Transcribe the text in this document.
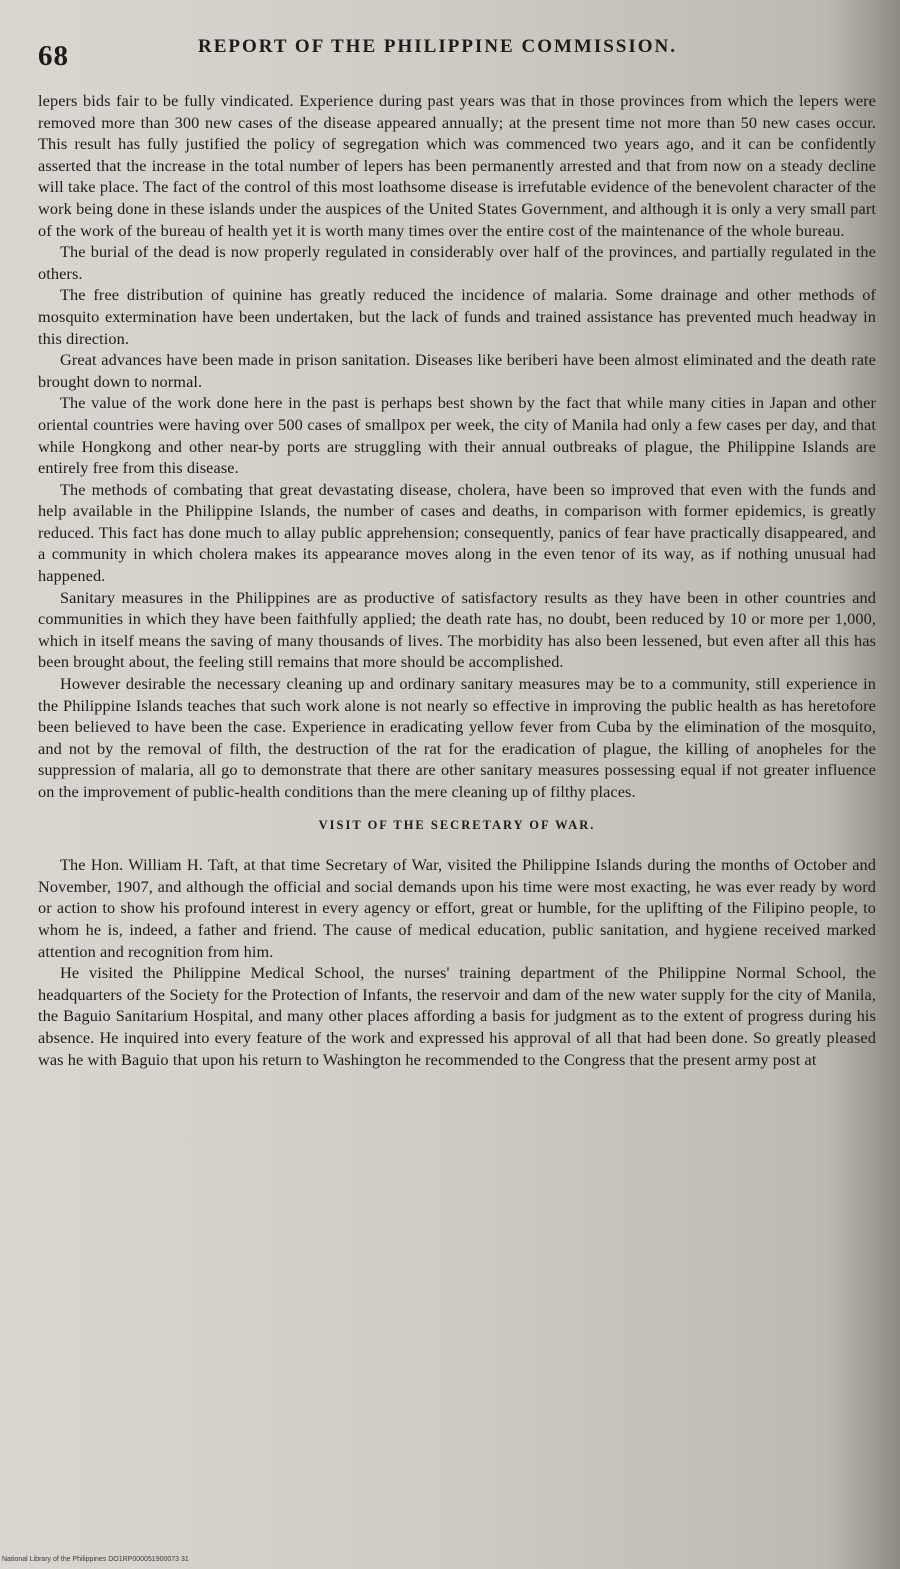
68	REPORT OF THE PHILIPPINE COMMISSION.

lepers bids fair to be fully vindicated. Experience during past years was that in those provinces from which the lepers were removed more than 300 new cases of the disease appeared annually; at the present time not more than 50 new cases occur. This result has fully justified the policy of segregation which was commenced two years ago, and it can be confidently asserted that the increase in the total number of lepers has been permanently arrested and that from now on a steady decline will take place. The fact of the control of this most loathsome disease is irrefutable evidence of the benevolent character of the work being done in these islands under the auspices of the United States Government, and although it is only a very small part of the work of the bureau of health yet it is worth many times over the entire cost of the maintenance of the whole bureau.

The burial of the dead is now properly regulated in considerably over half of the provinces, and partially regulated in the others.

The free distribution of quinine has greatly reduced the incidence of malaria. Some drainage and other methods of mosquito extermination have been undertaken, but the lack of funds and trained assistance has prevented much headway in this direction.

Great advances have been made in prison sanitation. Diseases like beriberi have been almost eliminated and the death rate brought down to normal.

The value of the work done here in the past is perhaps best shown by the fact that while many cities in Japan and other oriental countries were having over 500 cases of smallpox per week, the city of Manila had only a few cases per day, and that while Hongkong and other near-by ports are struggling with their annual outbreaks of plague, the Philippine Islands are entirely free from this disease.

The methods of combating that great devastating disease, cholera, have been so improved that even with the funds and help available in the Philippine Islands, the number of cases and deaths, in comparison with former epidemics, is greatly reduced. This fact has done much to allay public apprehension; consequently, panics of fear have practically disappeared, and a community in which cholera makes its appearance moves along in the even tenor of its way, as if nothing unusual had happened.

Sanitary measures in the Philippines are as productive of satisfactory results as they have been in other countries and communities in which they have been faithfully applied; the death rate has, no doubt, been reduced by 10 or more per 1,000, which in itself means the saving of many thousands of lives. The morbidity has also been lessened, but even after all this has been brought about, the feeling still remains that more should be accomplished.

However desirable the necessary cleaning up and ordinary sanitary measures may be to a community, still experience in the Philippine Islands teaches that such work alone is not nearly so effective in improving the public health as has heretofore been believed to have been the case. Experience in eradicating yellow fever from Cuba by the elimination of the mosquito, and not by the removal of filth, the destruction of the rat for the eradication of plague, the killing of anopheles for the suppression of malaria, all go to demonstrate that there are other sanitary measures possessing equal if not greater influence on the improvement of public-health conditions than the mere cleaning up of filthy places.

VISIT OF THE SECRETARY OF WAR.

The Hon. William H. Taft, at that time Secretary of War, visited the Philippine Islands during the months of October and November, 1907, and although the official and social demands upon his time were most exacting, he was ever ready by word or action to show his profound interest in every agency or effort, great or humble, for the uplifting of the Filipino people, to whom he is, indeed, a father and friend. The cause of medical education, public sanitation, and hygiene received marked attention and recognition from him.

He visited the Philippine Medical School, the nurses' training department of the Philippine Normal School, the headquarters of the Society for the Protection of Infants, the reservoir and dam of the new water supply for the city of Manila, the Baguio Sanitarium Hospital, and many other places affording a basis for judgment as to the extent of progress during his absence. He inquired into every feature of the work and expressed his approval of all that had been done. So greatly pleased was he with Baguio that upon his return to Washington he recommended to the Congress that the present army post at

National Library of the Philippines DO1RP000051900073 31
